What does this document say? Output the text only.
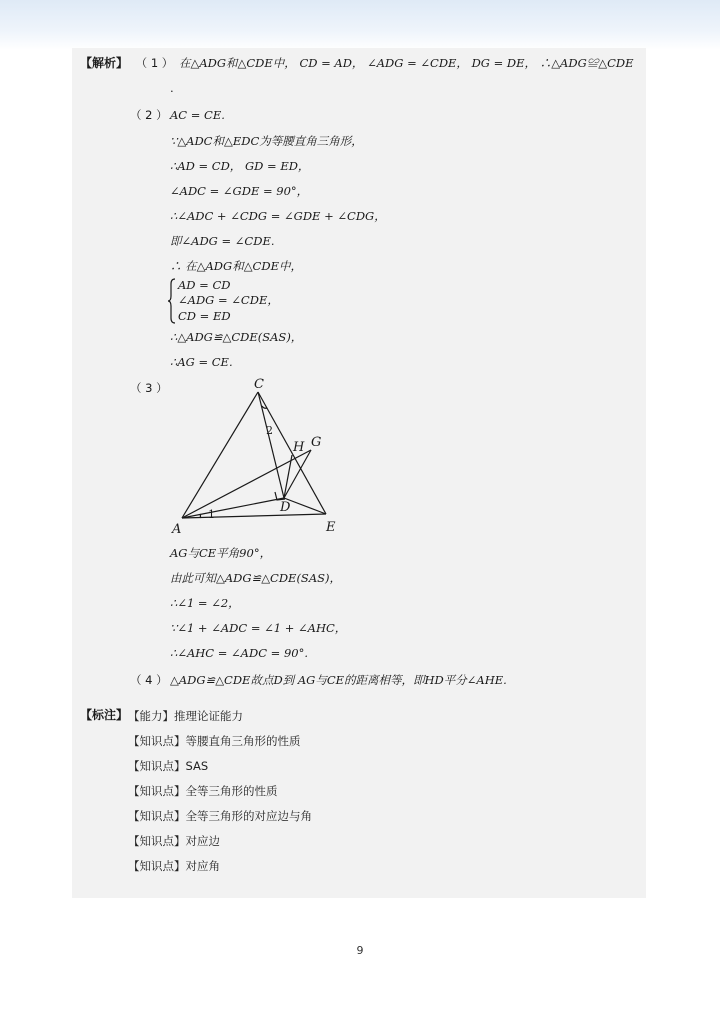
【解析】 （ 1 ） 在△ADG和△CDE中， CD = AD， ∠ADG = ∠CDE， DG = DE， ∴△ADG≌△CDE
.
（ 2 ） AC = CE.
∵△ADC和△EDC为等腰直角三角形，
∴AD = CD， GD = ED，
∠ADC = ∠GDE = 90°，
∴∠ADC + ∠CDG = ∠GDE + ∠CDG，
即∠ADG = ∠CDE.
∴ 在△ADG和△CDE中，
AD = CD
∠ADG = ∠CDE，
CD = ED
∴△ADG≌△CDE(SAS)，
∴AG = CE.
（ 3 ）	C
H G
2
1	D
A	E
AG与CE平角90°，
由此可知△ADG≌△CDE(SAS)，
∴∠1 = ∠2，
∵∠1 + ∠ADC = ∠1 + ∠AHC，
∴∠AHC = ∠ADC = 90°.
（ 4 ） △ADG≌△CDE故点D到 AG与CE的距离相等，即HD平分∠AHE.
【标注】 【能力】推理论证能力
【知识点】等腰直角三角形的性质
【知识点】SAS
【知识点】全等三角形的性质
【知识点】全等三角形的对应边与角
【知识点】对应边
【知识点】对应角
9
